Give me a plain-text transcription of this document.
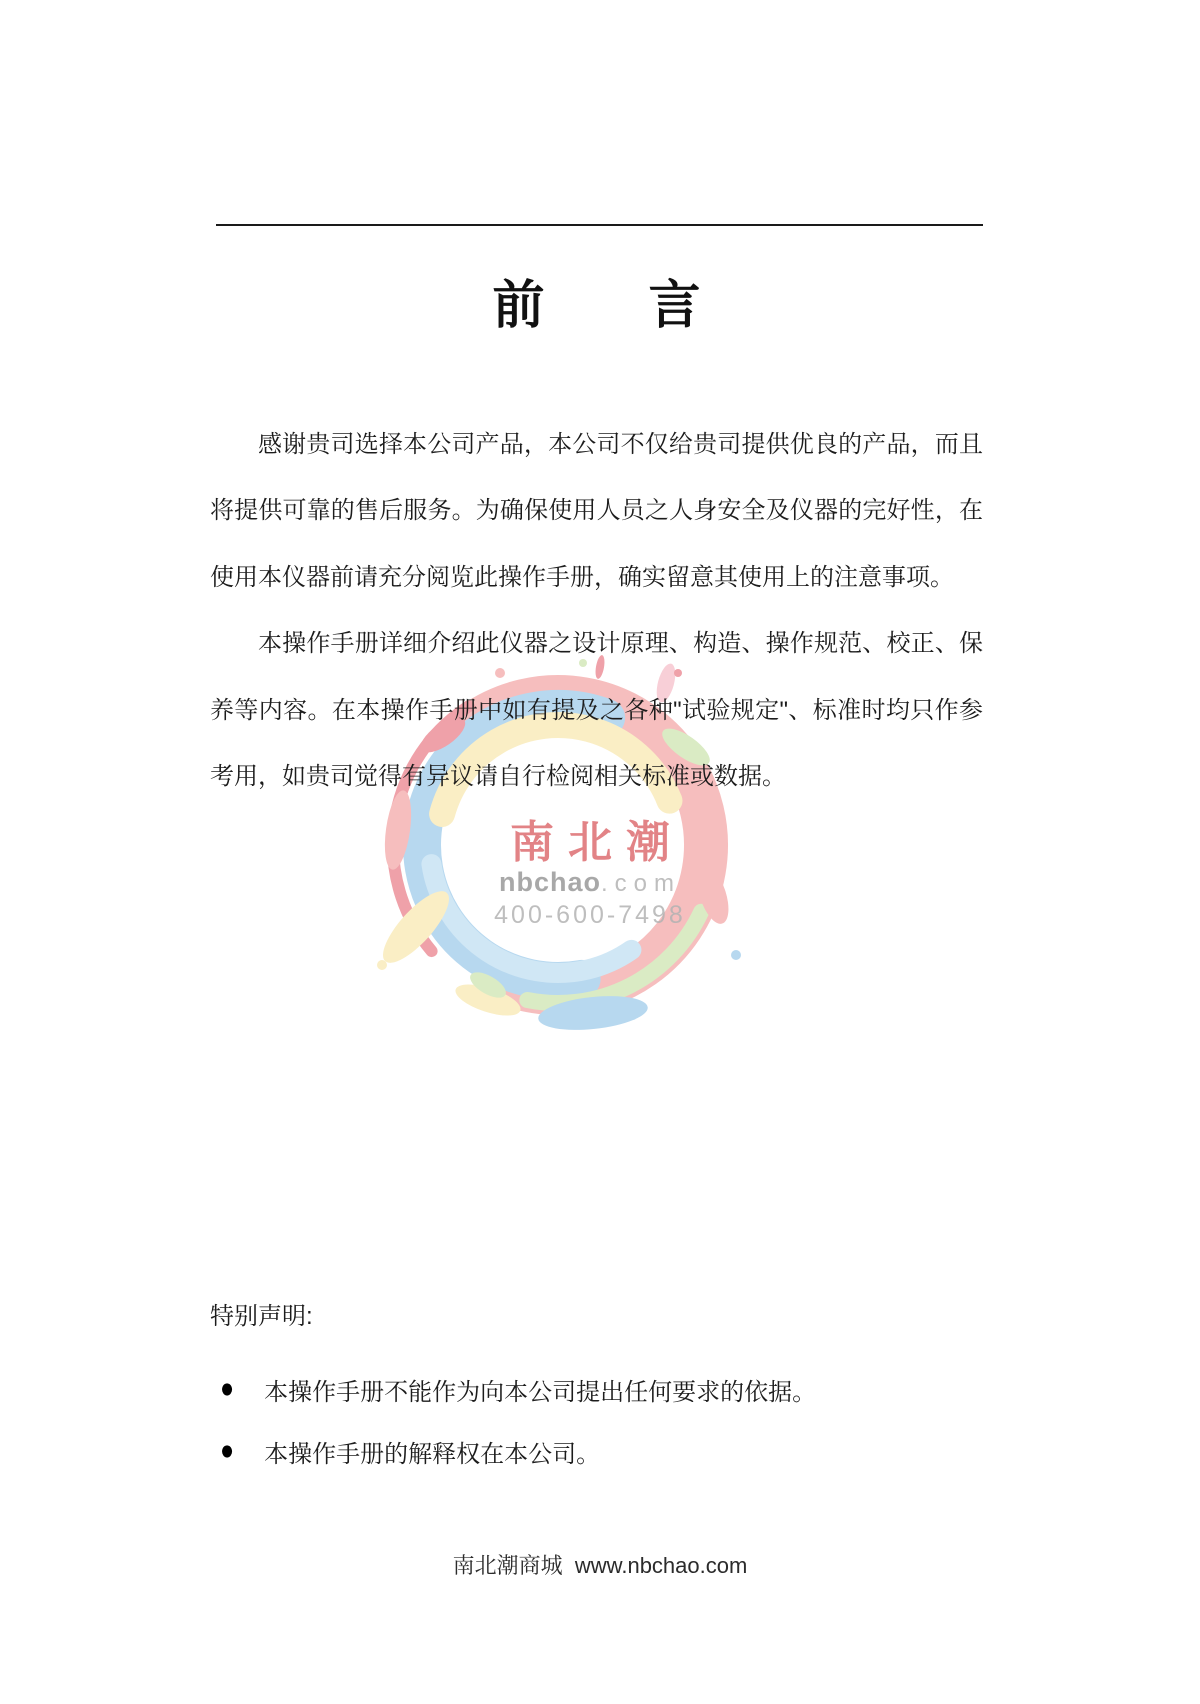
前　　言
南北潮
nbchao.com
400-600-7498
感谢贵司选择本公司产品，本公司不仅给贵司提供优良的产品，而且
将提供可靠的售后服务。为确保使用人员之人身安全及仪器的完好性，在
使用本仪器前请充分阅览此操作手册，确实留意其使用上的注意事项。
本操作手册详细介绍此仪器之设计原理、构造、操作规范、校正、保
养等内容。在本操作手册中如有提及之各种"试验规定"、标准时均只作参
考用，如贵司觉得有异议请自行检阅相关标准或数据。
特别声明:
● 本操作手册不能作为向本公司提出任何要求的依据。
● 本操作手册的解释权在本公司。
南北潮商城  www.nbchao.com
